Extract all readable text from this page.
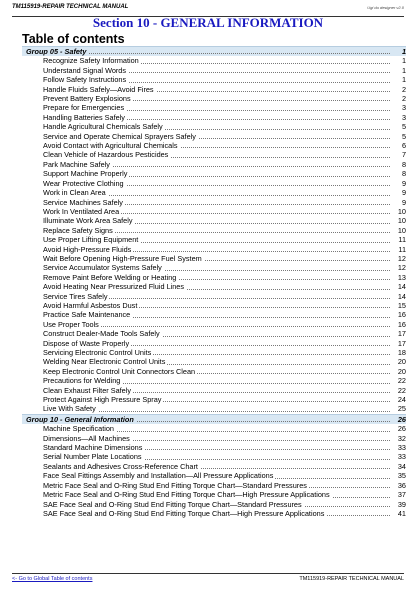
TM115919-REPAIR TECHNICAL MANUAL	Ugi du designer v2.0
Section 10 - GENERAL INFORMATION
Table of contents
Group 05 - Safety	1
Recognize Safety Information	1
Understand Signal Words	1
Follow Safety Instructions	1
Handle Fluids Safely—Avoid Fires	2
Prevent Battery Explosions	2
Prepare for Emergencies	3
Handling Batteries Safely	3
Handle Agricultural Chemicals Safely	5
Service and Operate Chemical Sprayers Safely	5
Avoid Contact with Agricultural Chemicals	6
Clean Vehicle of Hazardous Pesticides	7
Park Machine Safely	8
Support Machine Properly	8
Wear Protective Clothing	9
Work in Clean Area	9
Service Machines Safely	9
Work In Ventilated Area	10
Illuminate Work Area Safely	10
Replace Safety Signs	10
Use Proper Lifting Equipment	11
Avoid High-Pressure Fluids	11
Wait Before Opening High-Pressure Fuel System	12
Service Accumulator Systems Safely	12
Remove Paint Before Welding or Heating	13
Avoid Heating Near Pressurized Fluid Lines	14
Service Tires Safely	14
Avoid Harmful Asbestos Dust	15
Practice Safe Maintenance	16
Use Proper Tools	16
Construct Dealer-Made Tools Safely	17
Dispose of Waste Properly	17
Servicing Electronic Control Units	18
Welding Near Electronic Control Units	20
Keep Electronic Control Unit Connectors Clean	20
Precautions for Welding	22
Clean Exhaust Filter Safely	22
Protect Against High Pressure Spray	24
Live With Safety	25
Group 10 - General Information	26
Machine Specification	26
Dimensions—All Machines	32
Standard Machine Dimensions	33
Serial Number Plate Locations	33
Sealants and Adhesives Cross-Reference Chart	34
Face Seal Fittings Assembly and Installation—All Pressure Applications	35
Metric Face Seal and O-Ring Stud End Fitting Torque Chart—Standard Pressures	36
Metric Face Seal and O-Ring Stud End Fitting Torque Chart—High Pressure Applications	37
SAE Face Seal and O-Ring Stud End Fitting Torque Chart—Standard Pressures	39
SAE Face Seal and O-Ring Stud End Fitting Torque Chart—High Pressure Applications	41
<- Go to Global Table of contents	TM115919-REPAIR TECHNICAL MANUAL
